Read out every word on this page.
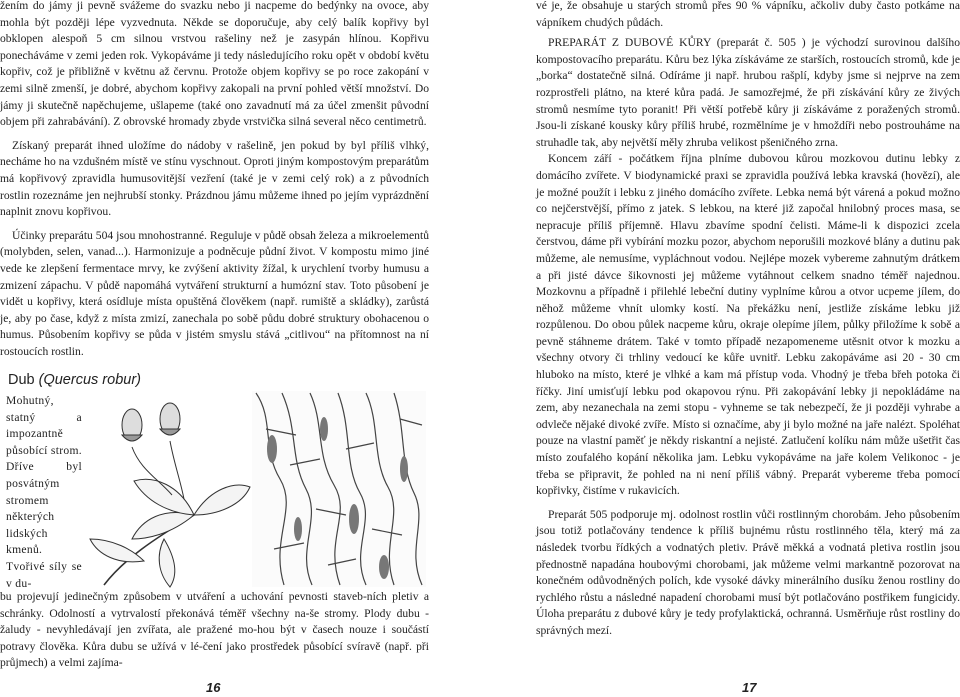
žením do jámy ji pevně svážeme do svazku nebo ji nacpeme do bedýnky na ovoce, aby mohla být později lépe vyzvednuta. Někde se doporučuje, aby celý balík kopřivy byl obklopen alespoň 5 cm silnou vrstvou rašeliny než je zasypán hlínou. Kopřivu ponecháváme v zemi jeden rok. Vykopáváme ji tedy následujícího roku opět v období květu kopřiv, což je přibližně v květnu až červnu. Protože objem kopřivy se po roce zakopání v zemi silně zmenší, je dobré, abychom kopřivy zakopali na první pohled větší množství. Do jámy ji skutečně napěchujeme, ušlapeme (také ono zavadnutí má za účel zmenšit původní objem při zahrabávání). Z obrovské hromady zbyde vrstvička silná several něco centimetrů.

Získaný preparát ihned uložíme do nádoby v rašelině, jen pokud by byl příliš vlhký, necháme ho na vzdušném místě ve stínu vyschnout. Oproti jiným kompostovým preparátům má kopřivový zpravidla humusovitější vezření (také je v zemi celý rok) a z původních rostlin rozeznáme jen nejhrubší stonky. Prázdnou jámu můžeme ihned po jejím vyprázdnění naplnit znovu kopřivou.

Účinky preparátu 504 jsou mnohostranné. Reguluje v půdě obsah železa a mikroelementů (molybden, selen, vanad...). Harmonizuje a podněcuje půdní život. V kompostu mimo jiné vede ke zlepšení fermentace mrvy, ke zvýšení aktivity žížal, k urychlení tvorby humusu a zmizení zápachu. V půdě napomáhá vytváření strukturní a humózní stav. Toto působení je vidět u kopřivy, která osídluje místa opuštěná člověkem (např. rumiště a skládky), zarůstá je, aby po čase, když z místa zmizí, zanechala po sobě půdu dobré struktury obohacenou o humus. Působením kopřivy se půda v jistém smyslu stává „citlivou“ na přítomnost na ní rostoucích rostlin.

Dub (Quercus robur)
Mohutný, statný a impozantně působící strom. Dříve byl posvátným stromem některých lidských kmenů. Tvořivé síly se v du-

bu projevují jedinečným způsobem v utváření a uchování pevnosti staveb-ních pletiv a schránky. Odolností a vytrvalostí překonává téměř všechny na-še stromy. Plody dubu - žaludy - nevyhledávají jen zvířata, ale pražené mo-hou být v časech nouze i součástí potravy člověka. Kůra dubu se užívá v lé-čení jako prostředek působící svíravě (např. při průjmech) a velmi zajíma-

vé je, že obsahuje u starých stromů přes 90 % vápníku, ačkoliv duby často potkáme na vápníkem chudých půdách.

PREPARÁT Z DUBOVÉ KŮRY (preparát č. 505 ) je východzí surovinou dalšího kompostovacího preparátu. Kůru bez lýka získáváme ze starších, rostoucích stromů, kde je „borka“ dostatečně silná. Odíráme ji např. hrubou rašplí, kdyby jsme si nejprve na zem rozprostřeli plátno, na které kůra padá. Je samozřejmé, že při získávání kůry ze živých stromů nesmíme tyto poranit! Při větší potřebě kůry ji získáváme z poražených stromů. Jsou-li získané kousky kůry příliš hrubé, rozmělníme je v hmoždíři nebo postrouháme na struhadle tak, aby největší měly zhruba velikost pšeničného zrna.

Koncem září - počátkem října plníme dubovou kůrou mozkovou dutinu lebky z domácího zvířete. V biodynamické praxi se zpravidla používá lebka kravská (hovězí), ale je možné použít i lebku z jiného domácího zvířete. Lebka nemá být várená a pokud možno co nejčerstvější, přímo z jatek. S lebkou, na které již započal hnilobný proces masa, se nepracuje příliš příjemně. Hlavu zbavíme spodní čelisti. Máme-li k dispozici zcela čerstvou, dáme při vybírání mozku pozor, abychom neporušili mozkové blány a dutinu pak můžeme, ale nemusíme, vypláchnout vodou. Nejlépe mozek vybereme zahnutým drátkem a při jisté dávce šikovnosti jej můžeme vytáhnout celkem snadno téměř najednou. Mozkovnu a případně i přilehlé lebeční dutiny vyplníme kůrou a otvor ucpeme jílem, do něhož můžeme vhnít ulomky kostí. Na překážku není, jestliže získáme lebku již rozpůlenou. Do obou půlek nacpeme kůru, okraje olepíme jílem, půlky přiložíme k sobě a pevně stáhneme drátem. Také v tomto případě nezapomeneme utěsnit otvor k mozku a všechny otvory či trhliny vedoucí ke kůře uvnitř. Lebku zakopáváme asi 20 - 30 cm hluboko na místo, které je vlhké a kam má přístup voda. Vhodný je třeba břeh potoka či říčky. Jiní umisťují lebku pod okapovou rýnu. Při zakopávání lebky ji nepokládáme na zem, aby nezanechala na zemi stopu - vyhneme se tak nebezpečí, že ji později vyhrabe a odvleče nějaké divoké zvíře. Místo si označíme, aby ji bylo možné na jaře nalézt. Spoléhat pouze na vlastní paměť je někdy riskantní a nejisté. Zatlučení kolíku nám může ušetřit čas místo zoufalého kopání několika jam. Lebku vykopáváme na jaře kolem Velikonoc - je třeba se připravit, že pohled na ni není příliš vábný. Preparát vybereme třeba pomocí kopřivky, čistíme v rukavicích.

Preparát 505 podporuje mj. odolnost rostlin vůči rostlinným chorobám. Jeho působením jsou totiž potlačovány tendence k příliš bujnému růstu rostlinného těla, který má za následek tvorbu řídkých a vodnatých pletiv. Právě měkká a vodnatá pletiva rostlin jsou přednostně napadána houbovými chorobami, jak můžeme velmi markantně pozorovat na konečném odůvodněných polích, kde vysoké dávky minerálního dusíku ženou rostliny do rychlého růstu a následné napadení chorobami musí být potlačováno postřikem fungicidy. Úloha preparátu z dubové kůry je tedy profylaktická, ochranná. Usměrňuje růst rostliny do správných mezí.

16	17
